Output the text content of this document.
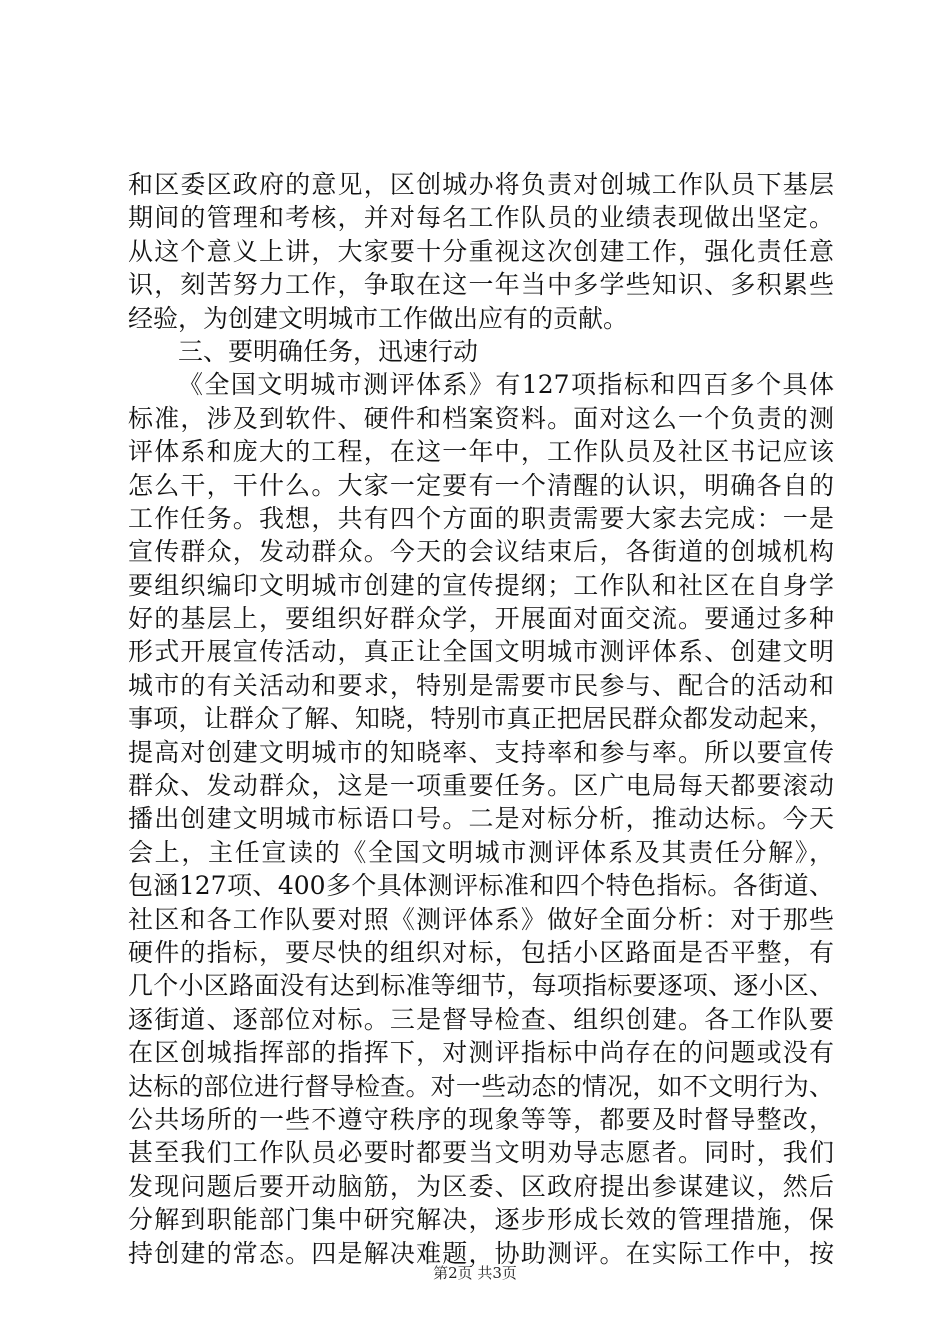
和区委区政府的意见，区创城办将负责对创城工作队员下基层
期间的管理和考核，并对每名工作队员的业绩表现做出坚定。
从这个意义上讲，大家要十分重视这次创建工作，强化责任意
识，刻苦努力工作，争取在这一年当中多学些知识、多积累些
经验，为创建文明城市工作做出应有的贡献。
三、要明确任务，迅速行动
《全国文明城市测评体系》有127项指标和四百多个具体
标准，涉及到软件、硬件和档案资料。面对这么一个负责的测
评体系和庞大的工程，在这一年中，工作队员及社区书记应该
怎么干，干什么。大家一定要有一个清醒的认识，明确各自的
工作任务。我想，共有四个方面的职责需要大家去完成：一是
宣传群众，发动群众。今天的会议结束后，各街道的创城机构
要组织编印文明城市创建的宣传提纲；工作队和社区在自身学
好的基层上，要组织好群众学，开展面对面交流。要通过多种
形式开展宣传活动，真正让全国文明城市测评体系、创建文明
城市的有关活动和要求，特别是需要市民参与、配合的活动和
事项，让群众了解、知晓，特别市真正把居民群众都发动起来，
提高对创建文明城市的知晓率、支持率和参与率。所以要宣传
群众、发动群众，这是一项重要任务。区广电局每天都要滚动
播出创建文明城市标语口号。二是对标分析，推动达标。今天
会上，主任宣读的《全国文明城市测评体系及其责任分解》，
包涵127项、400多个具体测评标准和四个特色指标。各街道、
社区和各工作队要对照《测评体系》做好全面分析：对于那些
硬件的指标，要尽快的组织对标，包括小区路面是否平整，有
几个小区路面没有达到标准等细节，每项指标要逐项、逐小区、
逐街道、逐部位对标。三是督导检查、组织创建。各工作队要
在区创城指挥部的指挥下，对测评指标中尚存在的问题或没有
达标的部位进行督导检查。对一些动态的情况，如不文明行为、
公共场所的一些不遵守秩序的现象等等，都要及时督导整改，
甚至我们工作队员必要时都要当文明劝导志愿者。同时，我们
发现问题后要开动脑筋，为区委、区政府提出参谋建议，然后
分解到职能部门集中研究解决，逐步形成长效的管理措施，保
持创建的常态。四是解决难题，协助测评。在实际工作中，按
第2页 共3页
